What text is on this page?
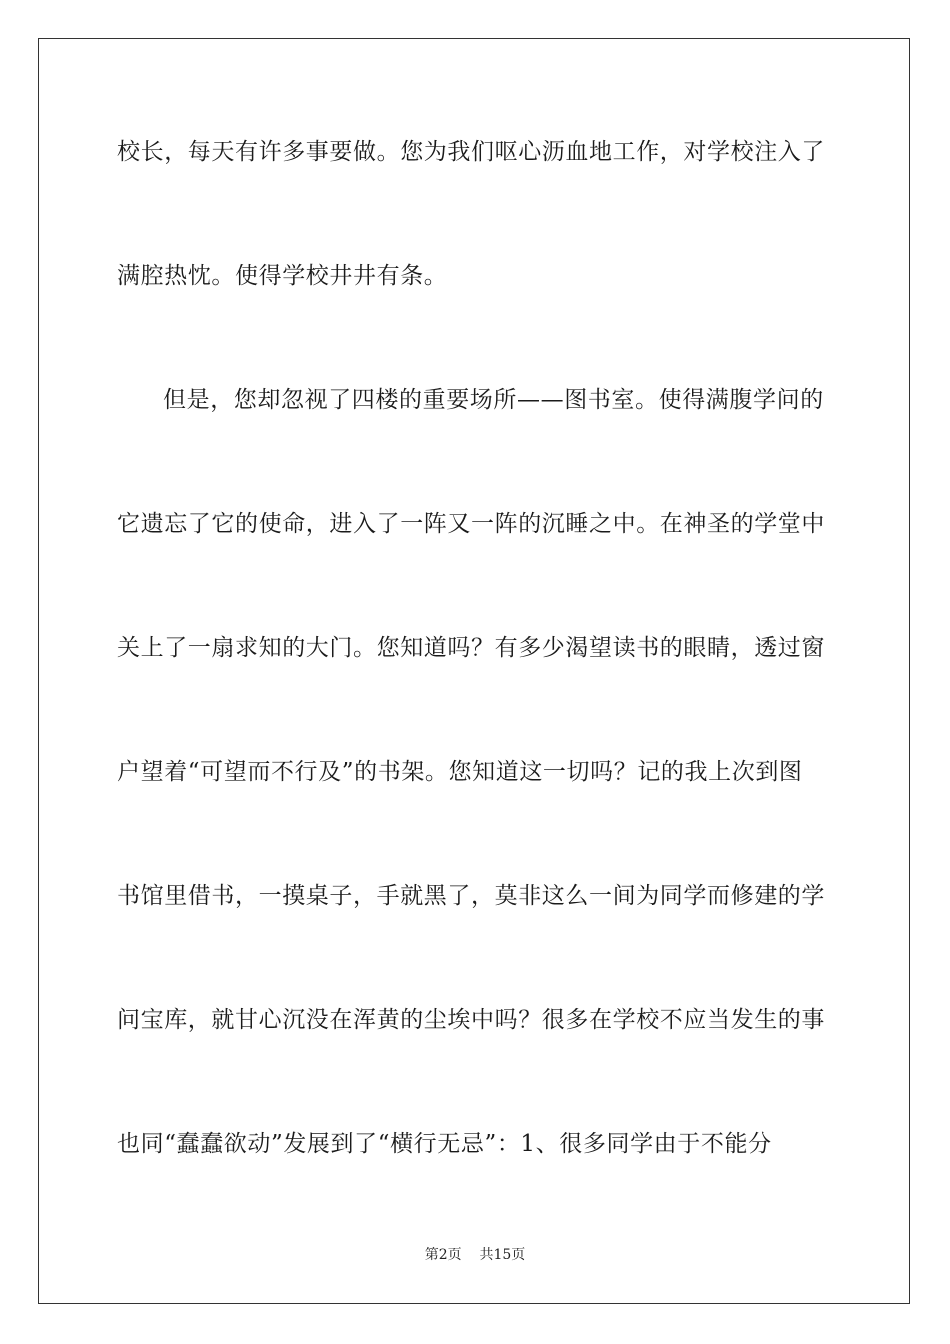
校长，每天有许多事要做。您为我们呕心沥血地工作，对学校注入了
满腔热忱。使得学校井井有条。
但是，您却忽视了四楼的重要场所——图书室。使得满腹学问的
它遗忘了它的使命，进入了一阵又一阵的沉睡之中。在神圣的学堂中
关上了一扇求知的大门。您知道吗？有多少渴望读书的眼睛，透过窗
户望着“可望而不行及”的书架。您知道这一切吗？记的我上次到图
书馆里借书，一摸桌子，手就黑了，莫非这么一间为同学而修建的学
问宝库，就甘心沉没在浑黄的尘埃中吗？很多在学校不应当发生的事
也同“蠢蠢欲动”发展到了“横行无忌”：1、很多同学由于不能分
第2页 共15页
